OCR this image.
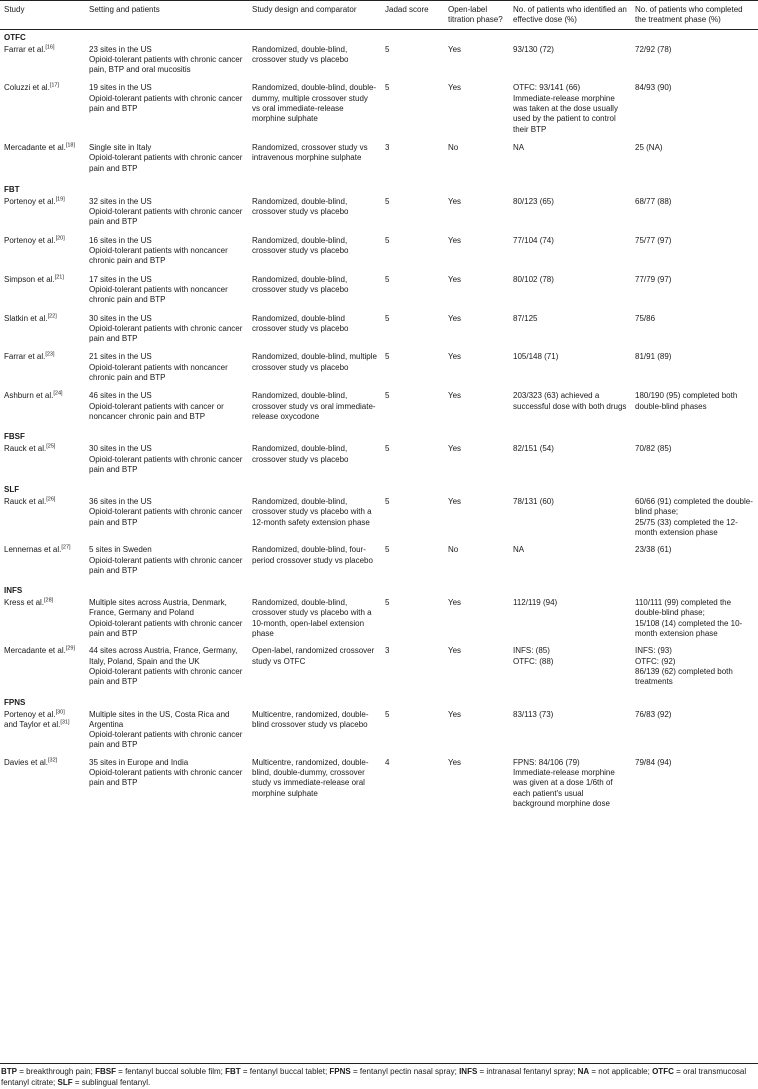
Study	Setting and patients	Study design and comparator	Jadad score	Open-label titration phase?	No. of patients who identified an effective dose (%)	No. of patients who completed the treatment phase (%)
OTFC						
Farrar et al.[16]	23 sites in the US
Opioid-tolerant patients with chronic cancer pain, BTP and oral mucositis	Randomized, double-blind, crossover study vs placebo	5	Yes	93/130 (72)	72/92 (78)
Coluzzi et al.[17]	19 sites in the US
Opioid-tolerant patients with chronic cancer pain and BTP	Randomized, double-blind, double-dummy, multiple crossover study vs oral immediate-release morphine sulphate	5	Yes	OTFC: 93/141 (66)
Immediate-release morphine was taken at the dose usually used by the patient to control their BTP	84/93 (90)
Mercadante et al.[18]	Single site in Italy
Opioid-tolerant patients with chronic cancer pain and BTP	Randomized, crossover study vs intravenous morphine sulphate	3	No	NA	25 (NA)
FBT						
Portenoy et al.[19]	32 sites in the US
Opioid-tolerant patients with chronic cancer pain and BTP	Randomized, double-blind, crossover study vs placebo	5	Yes	80/123 (65)	68/77 (88)
Portenoy et al.[20]	16 sites in the US
Opioid-tolerant patients with noncancer chronic pain and BTP	Randomized, double-blind, crossover study vs placebo	5	Yes	77/104 (74)	75/77 (97)
Simpson et al.[21]	17 sites in the US
Opioid-tolerant patients with noncancer chronic pain and BTP	Randomized, double-blind, crossover study vs placebo	5	Yes	80/102 (78)	77/79 (97)
Slatkin et al.[22]	30 sites in the US
Opioid-tolerant patients with chronic cancer pain and BTP	Randomized, double-blind crossover study vs placebo	5	Yes	87/125	75/86
Farrar et al.[23]	21 sites in the US
Opioid-tolerant patients with noncancer chronic pain and BTP	Randomized, double-blind, multiple crossover study vs placebo	5	Yes	105/148 (71)	81/91 (89)
Ashburn et al.[24]	46 sites in the US
Opioid-tolerant patients with cancer or noncancer chronic pain and BTP	Randomized, double-blind, crossover study vs oral immediate-release oxycodone	5	Yes	203/323 (63) achieved a successful dose with both drugs	180/190 (95) completed both double-blind phases
FBSF						
Rauck et al.[25]	30 sites in the US
Opioid-tolerant patients with chronic cancer pain and BTP	Randomized, double-blind, crossover study vs placebo	5	Yes	82/151 (54)	70/82 (85)
SLF						
Rauck et al.[26]	36 sites in the US
Opioid-tolerant patients with chronic cancer pain and BTP	Randomized, double-blind, crossover study vs placebo with a 12-month safety extension phase	5	Yes	78/131 (60)	60/66 (91) completed the double-blind phase;
25/75 (33) completed the 12-month extension phase
Lennernas et al.[27]	5 sites in Sweden
Opioid-tolerant patients with chronic cancer pain and BTP	Randomized, double-blind, four-period crossover study vs placebo	5	No	NA	23/38 (61)
INFS						
Kress et al.[28]	Multiple sites across Austria, Denmark, France, Germany and Poland
Opioid-tolerant patients with chronic cancer pain and BTP	Randomized, double-blind, crossover study vs placebo with a 10-month, open-label extension phase	5	Yes	112/119 (94)	110/111 (99) completed the double-blind phase;
15/108 (14) completed the 10-month extension phase
Mercadante et al.[29]	44 sites across Austria, France, Germany, Italy, Poland, Spain and the UK
Opioid-tolerant patients with chronic cancer pain and BTP	Open-label, randomized crossover study vs OTFC	3	Yes	INFS: (85)
OTFC: (88)	INFS: (93)
OTFC: (92)
86/139 (62) completed both treatments
FPNS						
Portenoy et al.[30]
and Taylor et al.[31]	Multiple sites in the US, Costa Rica and Argentina
Opioid-tolerant patients with chronic cancer pain and BTP	Multicentre, randomized, double-blind crossover study vs placebo	5	Yes	83/113 (73)	76/83 (92)
Davies et al.[32]	35 sites in Europe and India
Opioid-tolerant patients with chronic cancer pain and BTP	Multicentre, randomized, double-blind, double-dummy, crossover study vs immediate-release oral morphine sulphate	4	Yes	FPNS: 84/106 (79)
Immediate-release morphine was given at a dose 1/6th of each patient's usual background morphine dose	79/84 (94)
BTP = breakthrough pain; FBSF = fentanyl buccal soluble film; FBT = fentanyl buccal tablet; FPNS = fentanyl pectin nasal spray; INFS = intranasal fentanyl spray; NA = not applicable; OTFC = oral transmucosal fentanyl citrate; SLF = sublingual fentanyl.
